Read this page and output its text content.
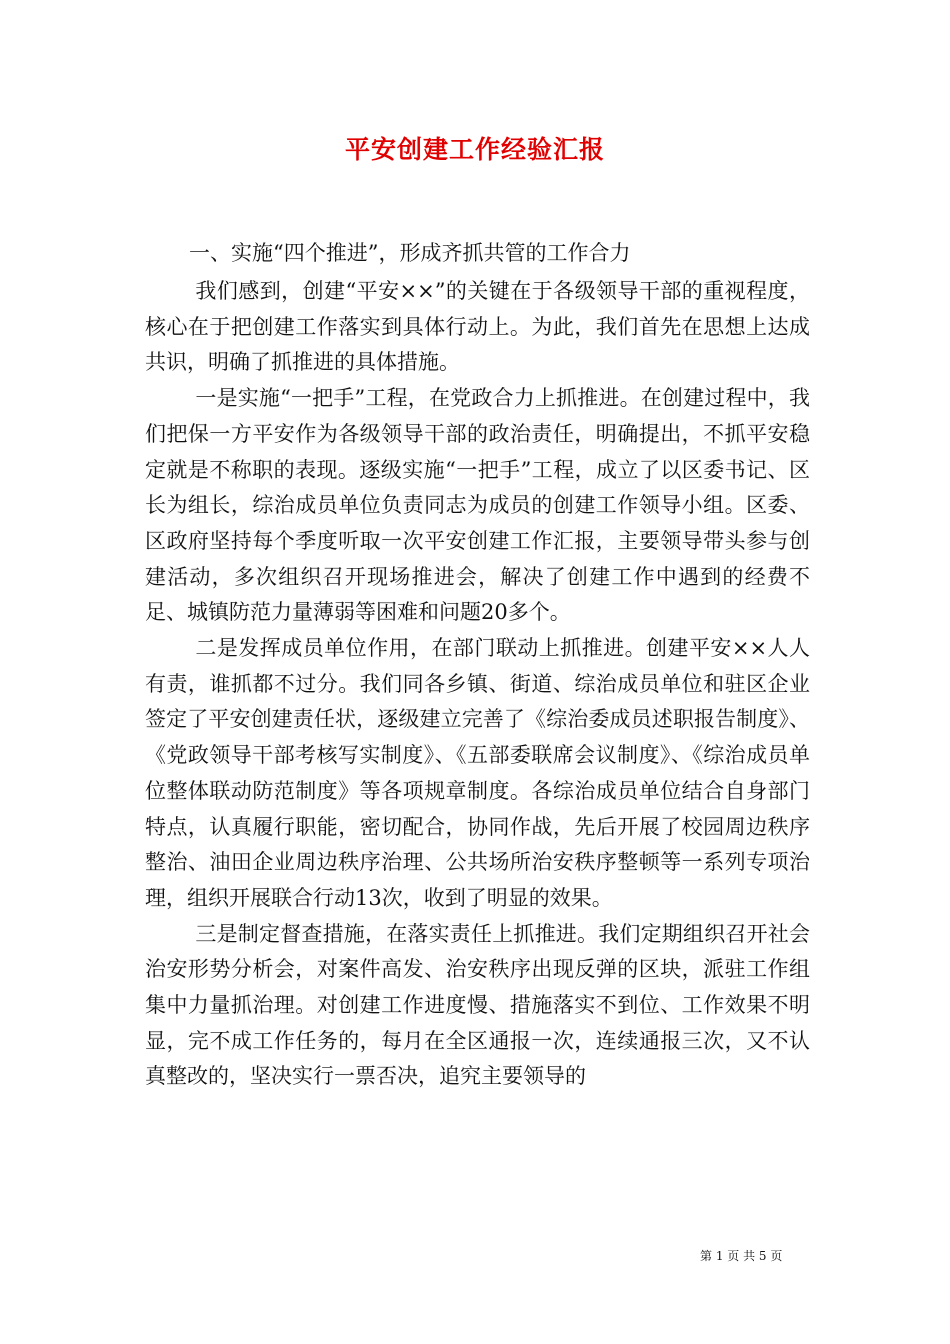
平安创建工作经验汇报
一、实施“四个推进”，形成齐抓共管的工作合力

我们感到，创建“平安××”的关键在于各级领导干部的重视程度，核心在于把创建工作落实到具体行动上。为此，我们首先在思想上达成共识，明确了抓推进的具体措施。

一是实施“一把手”工程，在党政合力上抓推进。在创建过程中，我们把保一方平安作为各级领导干部的政治责任，明确提出，不抓平安稳定就是不称职的表现。逐级实施“一把手”工程，成立了以区委书记、区长为组长，综治成员单位负责同志为成员的创建工作领导小组。区委、区政府坚持每个季度听取一次平安创建工作汇报，主要领导带头参与创建活动，多次组织召开现场推进会，解决了创建工作中遇到的经费不足、城镇防范力量薄弱等困难和问题20多个。

二是发挥成员单位作用，在部门联动上抓推进。创建平安××人人有责，谁抓都不过分。我们同各乡镇、街道、综治成员单位和驻区企业签定了平安创建责任状，逐级建立完善了《综治委成员述职报告制度》、《党政领导干部考核写实制度》、《五部委联席会议制度》、《综治成员单位整体联动防范制度》等各项规章制度。各综治成员单位结合自身部门特点，认真履行职能，密切配合，协同作战，先后开展了校园周边秩序整治、油田企业周边秩序治理、公共场所治安秩序整顿等一系列专项治理，组织开展联合行动13次，收到了明显的效果。

三是制定督查措施，在落实责任上抓推进。我们定期组织召开社会治安形势分析会，对案件高发、治安秩序出现反弹的区块，派驻工作组集中力量抓治理。对创建工作进度慢、措施落实不到位、工作效果不明显，完不成工作任务的，每月在全区通报一次，连续通报三次，又不认真整改的，坚决实行一票否决，追究主要领导的

第 1 页 共 5 页
